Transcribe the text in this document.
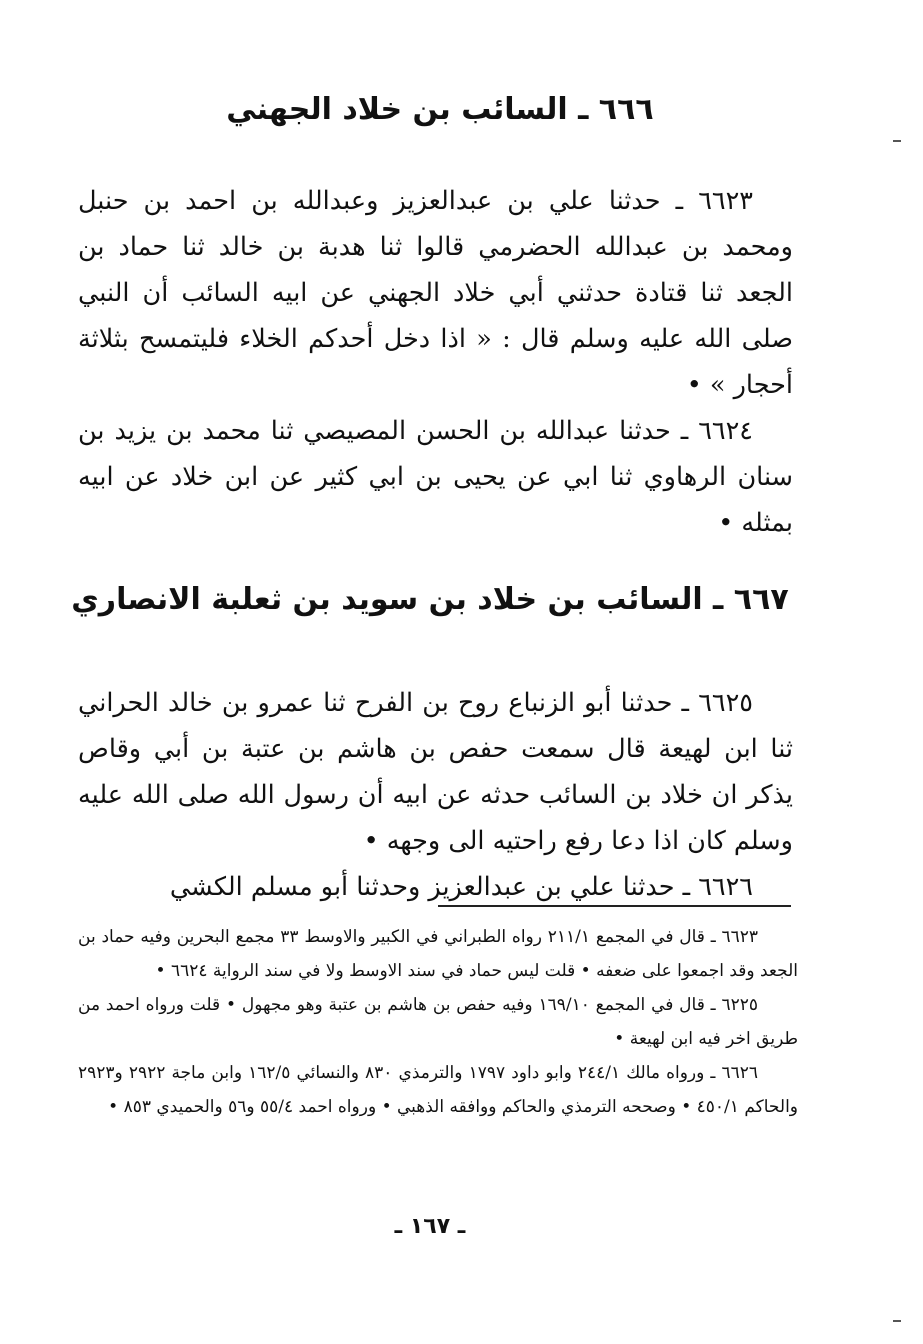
٦٦٦ ـ السائب بن خلاد الجهني

٦٦٢٣ ـ حدثنا علي بن عبدالعزيز وعبدالله بن احمد بن حنبل ومحمد بن عبدالله الحضرمي قالوا ثنا هدبة بن خالد ثنا حماد بن الجعد ثنا قتادة حدثني أبي خلاد الجهني عن ابيه السائب أن النبي صلى الله عليه وسلم قال : « اذا دخل أحدكم الخلاء فليتمسح بثلاثة أحجار » •

٦٦٢٤ ـ حدثنا عبدالله بن الحسن المصيصي ثنا محمد بن يزيد بن سنان الرهاوي ثنا ابي عن يحيى بن ابي كثير عن ابن خلاد عن ابيه بمثله •

٦٦٧ ـ السائب بن خلاد بن سويد بن ثعلبة الانصاري

٦٦٢٥ ـ حدثنا أبو الزنباع روح بن الفرح ثنا عمرو بن خالد الحراني ثنا ابن لهيعة قال سمعت حفص بن هاشم بن عتبة بن أبي وقاص يذكر ان خلاد بن السائب حدثه عن ابيه أن رسول الله صلى الله عليه وسلم كان اذا دعا رفع راحتيه الى وجهه •

٦٦٢٦ ـ حدثنا علي بن عبدالعزيز وحدثنا أبو مسلم الكشي

٦٦٢٣ ـ قال في المجمع ٢١١/١ رواه الطبراني في الكبير والاوسط ٣٣ مجمع البحرين وفيه حماد بن الجعد وقد اجمعوا على ضعفه • قلت ليس حماد في سند الاوسط ولا في سند الرواية ٦٦٢٤ •

٦٢٢٥ ـ قال في المجمع ١٦٩/١٠ وفيه حفص بن هاشم بن عتبة وهو مجهول • قلت ورواه احمد من طريق اخر فيه ابن لهيعة •

٦٦٢٦ ـ ورواه مالك ٢٤٤/١ وابو داود ١٧٩٧ والترمذي ٨٣٠ والنسائي ١٦٢/٥ وابن ماجة ٢٩٢٢ و٢٩٢٣ والحاكم ٤٥٠/١ • وصححه الترمذي والحاكم ووافقه الذهبي • ورواه احمد ٥٥/٤ و٥٦ والحميدي ٨٥٣ •

ـ ١٦٧ ـ
